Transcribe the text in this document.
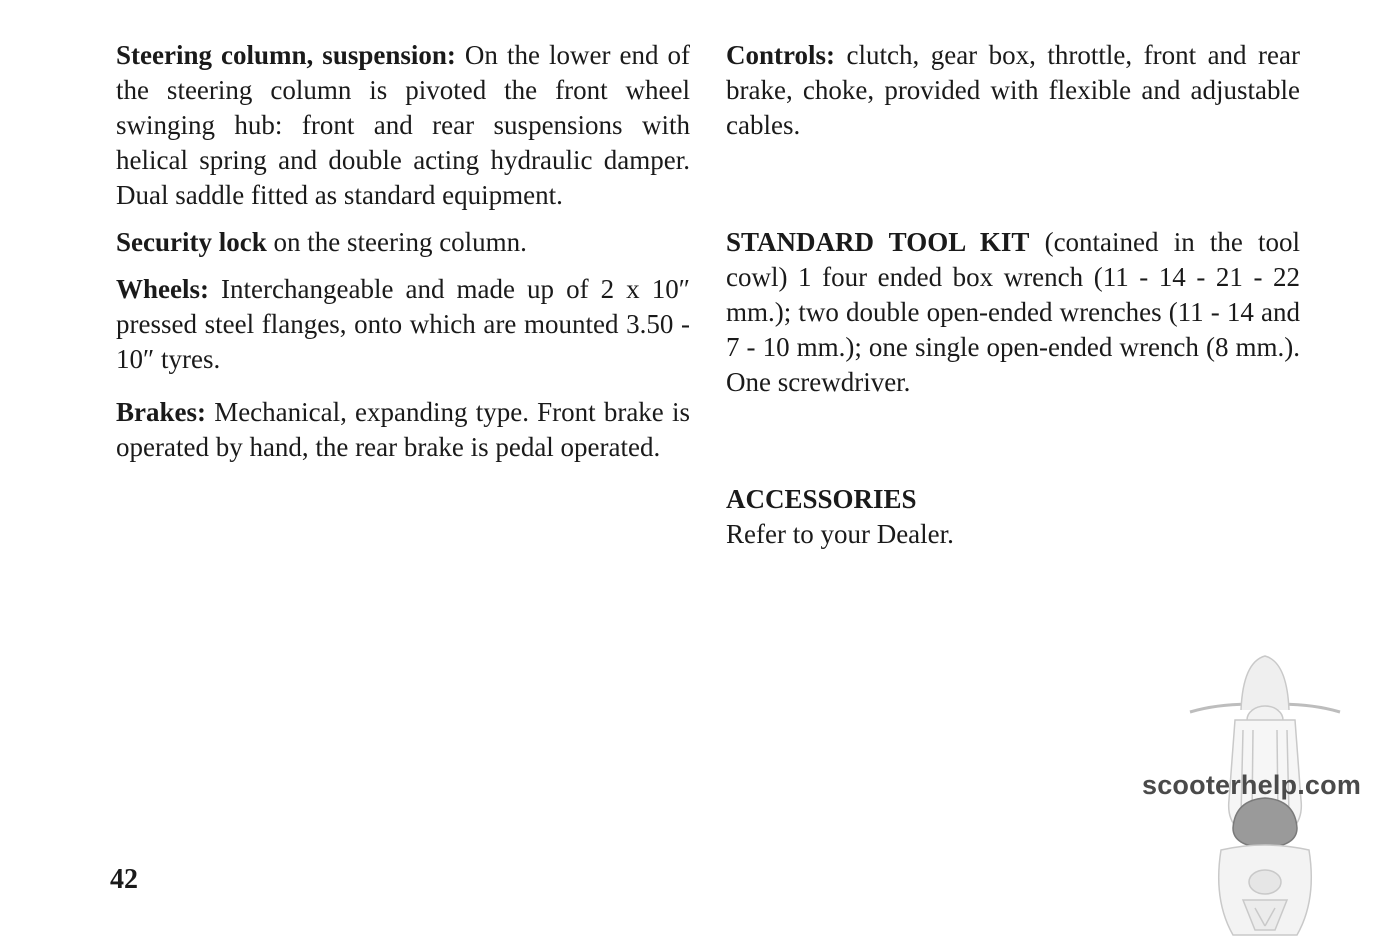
Steering column, suspension: On the lower end of the steering column is pivoted the front wheel swinging hub: front and rear suspensions with helical spring and double acting hydraulic damper. Dual saddle fitted as standard equipment.

Security lock on the steering column.

Wheels: Interchangeable and made up of 2 x 10″ pressed steel flanges, onto which are mounted 3.50 - 10″ tyres.

Brakes: Mechanical, expanding type. Front brake is operated by hand, the rear brake is pedal operated.

Controls: clutch, gear box, throttle, front and rear brake, choke, provided with flexible and adjustable cables.

STANDARD TOOL KIT (contained in the tool cowl) 1 four ended box wrench (11 - 14 - 21 - 22 mm.); two double open-ended wrenches (11 - 14 and 7 - 10 mm.); one single open-ended wrench (8 mm.). One screwdriver.

ACCESSORIES
Refer to your Dealer.

42
scooterhelp.com
